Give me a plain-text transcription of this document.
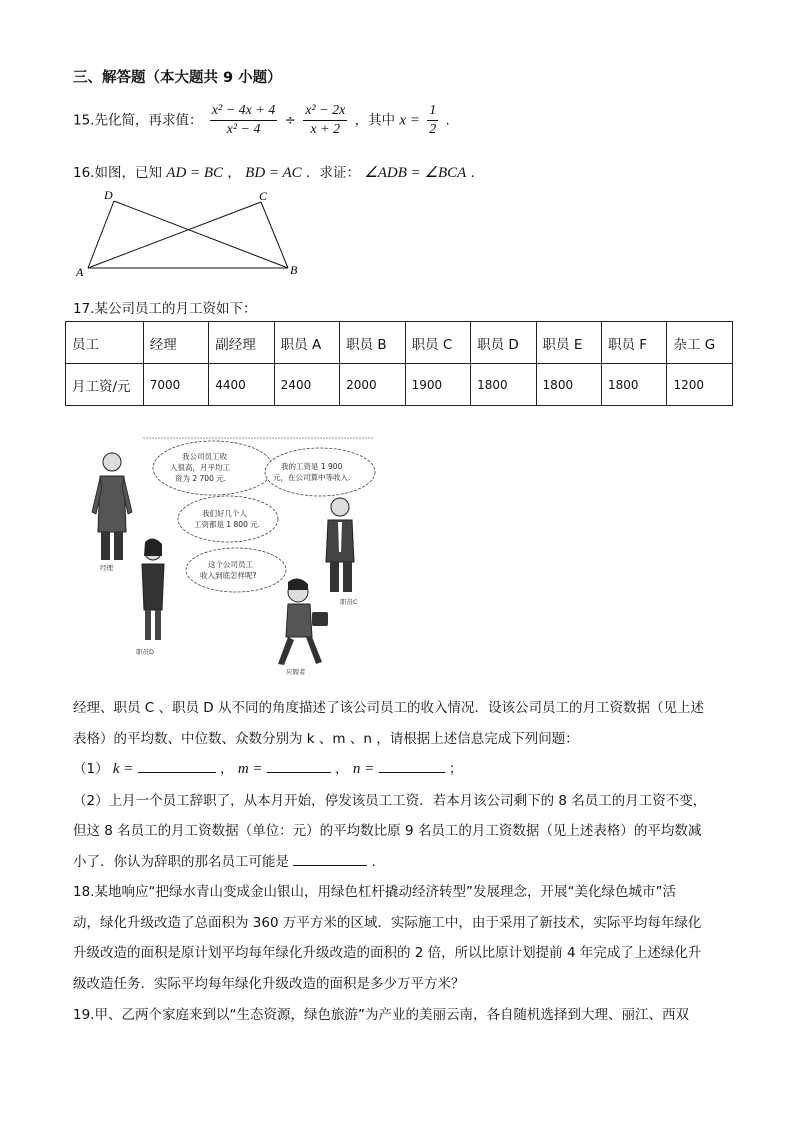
三、解答题（本大题共 9 小题）
15.先化简，再求值： $\frac{\text{x² − 4x + 4}}{\text{x² − 4}} \div \frac{\text{x² − 2x}}{x + 2}$ ，其中 $x = \frac{1}{2}$ .
16.如图，已知 AD = BC ， BD = AC ．求证： ∠ADB = ∠BCA ．
D	C
A	B
17.某公司员工的月工资如下：
员工	经理	副经理	职员 A	职员 B	职员 C	职员 D	职员 E	职员 F	杂工 G
月工资/元	7000	4400	2400	2000	1900	1800	1800	1800	1200
我公司员工收
入很高，月平均工
资为 2 700 元.
我的工资是 1 900
元，在公司算中等收入.
我们好几个人
工资都是 1 800 元.
这个公司员工
收入到底怎样呢?
经理
职员D
职员C
应聘者
经理、职员 C 、职员 D 从不同的角度描述了该公司员工的收入情况．设该公司员工的月工资数据（见上述
表格）的平均数、中位数、众数分别为 k 、m 、n ，请根据上述信息完成下列问题：
（1） k =	， m =	， n =	；
（2）上月一个员工辞职了，从本月开始，停发该员工工资．若本月该公司剩下的 8 名员工的月工资不变，
但这 8 名员工的月工资数据（单位：元）的平均数比原 9 名员工的月工资数据（见上述表格）的平均数减
小了．你认为辞职的那名员工可能是	．
18.某地响应“把绿水青山变成金山银山，用绿色杠杆撬动经济转型”发展理念，开展“美化绿色城市”活
动，绿化升级改造了总面积为 360 万平方米的区域．实际施工中，由于采用了新技术，实际平均每年绿化
升级改造的面积是原计划平均每年绿化升级改造的面积的 2 倍，所以比原计划提前 4 年完成了上述绿化升
级改造任务．实际平均每年绿化升级改造的面积是多少万平方米？
19.甲、乙两个家庭来到以“生态资源，绿色旅游”为产业的美丽云南，各自随机选择到大理、丽江、西双
